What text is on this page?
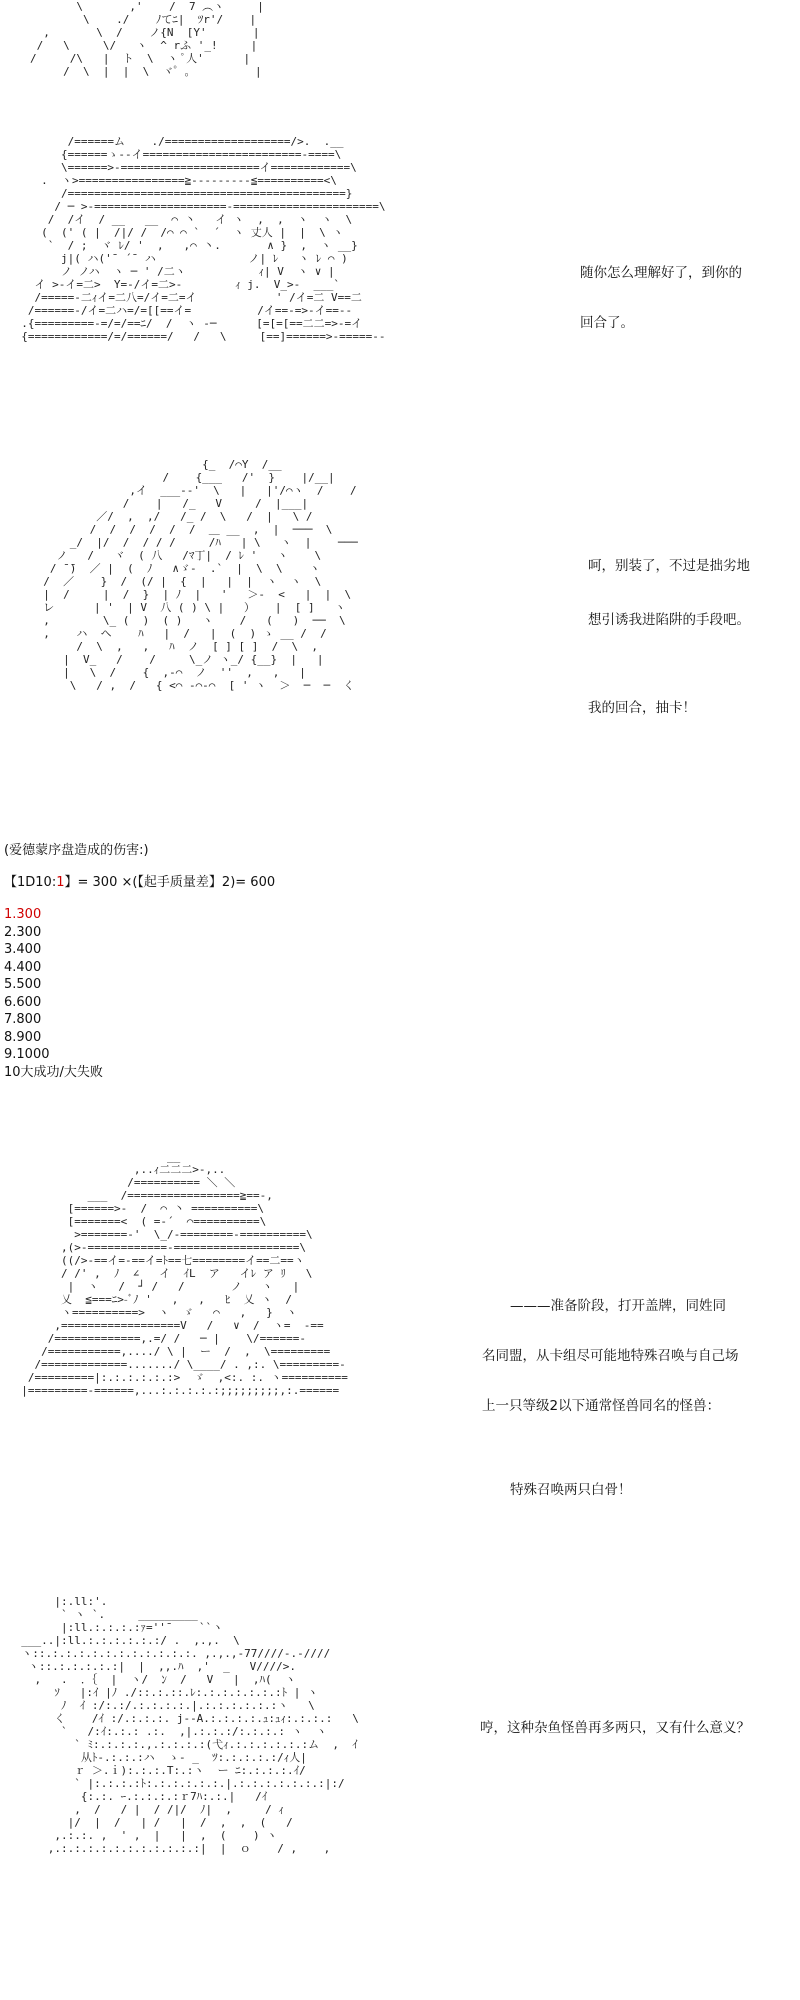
\       ,'    /  7 ︵ヽ     |
\    ./    ﾉてﾆ|  ﾂr'/    |
,       \  /    ノ{N  [Y'       |
/   \     \/   ヽ  ^ rふ '_!     |
/     /\   |  ト  \  ヽ ﾟ人'      |
/  \  |  |  \  ヾ゜。         |
/======ム    ./===================/>.  .__
{======ゝ--イ========================-====\
\======>-=====================イ============\
.  ヽ>================≧---------≦==========<\
/==========================================}
/ ─ >-====================-======================\
/  /イ  / __   __  ⌒ 丶   イ ヽ  ,  ,  ヽ  ヽ  \
(  (' ( |  /|/ /  /⌒ ⌒ `  ´  ヽ 丈人 |  |  \ ヽ
`  / ;  ヾ ﾚ/ '  ,   ,⌒ 丶.       ∧ }  ,  ヽ __}
j|( ハ('¯ ´¯ ハ              ノ| ﾚ   ヽ ﾚ ⌒ )
ノ ノハ  ヽ ─ ' /二ヽ           ｨ| V  ヽ ∨ |
イ >-イ=二>  Y=-/イ=二>-        ｨ j.  V_>-  ___`
/=====-二ｨイ=二八=/イ=二=イ            ' /イ=二 V==二
/======-/イ=二ハ=/=[[==イ=          /イ==-=>-イ==--
.{=========-=/=/==ﾆ/  /  ヽ -─      [=[=[==二二=>-=イ
{============/=/======/   /   \     [==]======>-=====--

随你怎么理解好了，到你的

回合了。

{_  /⌒Y  /__
/    {___   /'  }    |/__|
,イ  ___--'  \   |   |'/⌒ヽ  /    /
/    |   /_   V     /  |___|
／/  ,  ,/   /_ /  \   /  |   \ /
/  /  /  /  /  /  ＿ __  ,  |  ───  \
_/  |/  /  / / /     /ﾊ   | \   ヽ  |    ───
ノ   /   ヾ  ( 八   /ﾏ丁|  / ﾚ '   ヽ    \
/ ̄ ̄)  ／ |  (  ﾉ   ∧ゞ-  .`  |  \  \    ヽ
/  ／    }  /  (/ |  {  |   |  |  ヽ  ヽ  \
|  /     |  /  }  | ﾉ  |   '   ＞-  <   |  |  \
レ      | '  | V  八 ( ) \ |   ）   |  [ ]   ヽ
,        \_ (  )  ( )   ヽ    /   (   )  ──  \
,    ハ  ヘ    ﾊ   |  /   |  (  ) ゝ __ /  /
/  \  ,   ,   ﾊ  ノ  [ ] [ ]  /  \  ,
|  V_   /    /     \_ノ ヽ_/ {__}  |   |
|   \  /    {  ,-⌒  ノ  ''  ,   ,   |
\   / ,  /   { <⌒ -⌒-⌒  [ ' ヽ  ＞  ─  ─  く

呵，别装了，不过是拙劣地

想引诱我进陷阱的手段吧。

我的回合，抽卡！

(爱德蒙序盘造成的伤害:)
【1D10:1】= 300 ×(【起手质量差】2)= 600
1.300
2.300
3.400
4.400
5.500
6.600
7.800
8.900
9.1000
10大成功/大失败
__
,..ｨ二二二>-,..
/========== ＼ ＼
___  /=================≧==-,
[======>-  /  ⌒ 丶 ==========\
[=======<  ( =-´  ⌒==========\
>=======-'  \_/-========-==========\
,(>-============-===================\
((/>-==イ=-==イ=ﾄ==七========イ==二==ヽ
/ /' ,  ﾉ  ∠   イ  ｲL  ア   イﾚ ア ﾘ   \
|  ヽ   /  ┘ /   /       ノ   ヽ   |
乂  ≦===ﾆ>-ﾞﾉ '   ,   ,   ﾋ  乂 ヽ  /
ヽ==========>  ヽ  ゞ   ⌒   ,   }  ヽ
,==================V   /   ∨  /  ヽ=  -==
/=============,.=/ /   ─ |    \/======-
/===========,..../ \ |  ー  /  ,  \=========
/=============......./ \____/ . ,:. \=========-
/=========|:.:.:.:.:.:>  ゞ  ,<:. :. ヽ==========
|=========-======,...:.:.:.:.:;;;;;;;;;,:.======

———准备阶段，打开盖牌，同姓同

名同盟，从卡组尽可能地特殊召唤与自己场

上一只等级2以下通常怪兽同名的怪兽：

特殊召唤两只白骨！

|:.ll:'.
` ヽ `.     _________
|:ll.:.:.:.:ｧ=''¯    ``ヽ
___..|:ll.:.:.:.:.:.:/ .  ,.,.  \
ヽ::.:.:.:.:.:.:.:.:.:.:.:. ,.,.,-77////-.-////
ヽ::.:.:.:.:.:|  |  ,,.ﾊ  ,'  _   V////>.
,   .  ．｛  |  ヽ/  ﾝ  /   V   |  ,ﾊ(  ヽ
ｿ   |:ｲ |ﾉ ./::.:.::.ﾚ:.:.:.:.:.:.:ﾄ | ヽ
ﾉ  ｲ :/:.:/.:.:.:.:.|.:.:.:.:.:.:ヽ   \
く    /ｲ :/.:.:.:. j--A.:.:.:.:.ｭ:ｭｨ:.:.:.:   \
`   /:ｲ:.:.: .:.  ,|.:.:.:/:.:.:.: ヽ  ヽ
` ﾐ:.:.:.:.,.:.:.:.:(弋ｨ.:.:.:.:.:.:ム  ,  ｲ
从ﾄ-.:.:.:ハ  ゝ- _  ﾂ:.:.:.:.:/ｨ人|
ｒ ＞.ｉ):.:.:.T:.:ヽ  ー ﾆ:.:.:.:.ｲ/
` |:.:.:.:ﾄ:.:.:.:.:.:.|.:.:.:.:.:.:.:|:/
{:.:. ｰ.:.:.:.:ｒ7ﾊ:.:.|   /ｲ
,  /   / |  / /|/  ﾉ|  ,     / ｨ
|/  |  /   | /   |  /  ,  ,  (   /
,.:.:. ,  ' ,  |   |  ,  (    ) ヽ
,.:.:.:.:.:.:.:.:.:.:.:|  |  ｏ    / ,    ,

哼，这种杂鱼怪兽再多两只，又有什么意义？
